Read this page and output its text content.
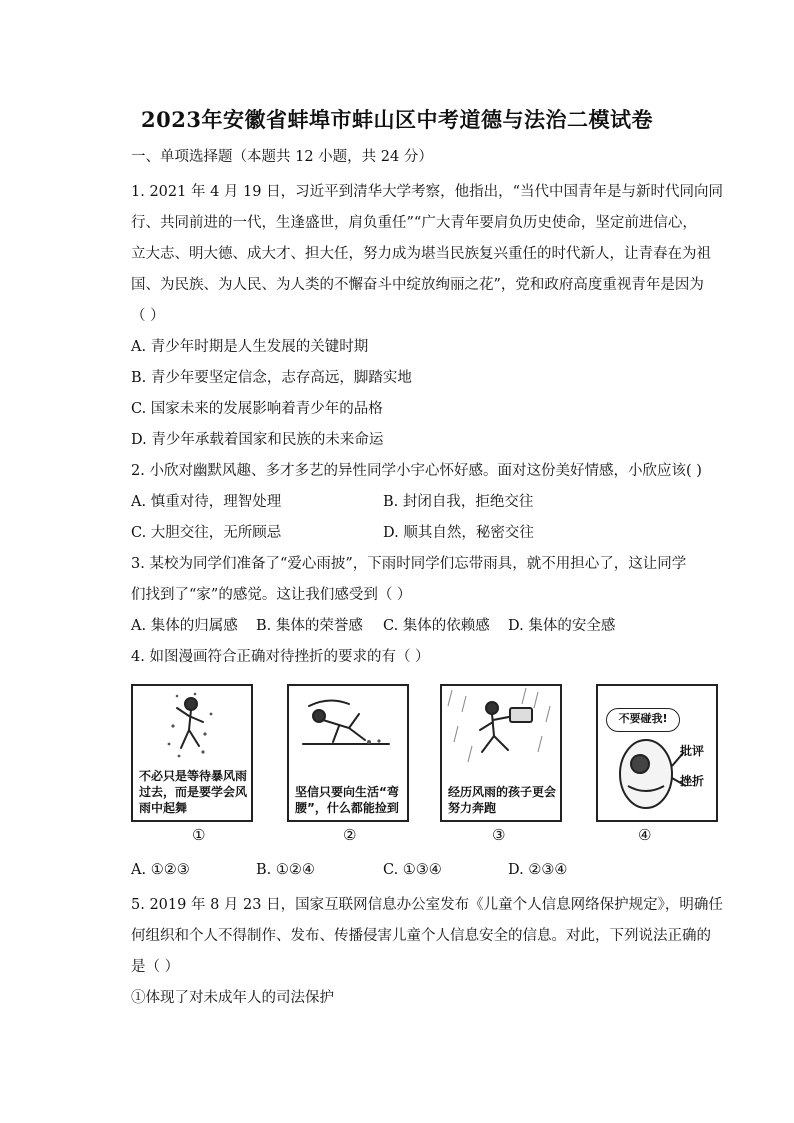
2023年安徽省蚌埠市蚌山区中考道德与法治二模试卷
一、单项选择题（本题共 12 小题，共 24 分）
1. 2021 年 4 月 19 日，习近平到清华大学考察，他指出，“当代中国青年是与新时代同向同
行、共同前进的一代，生逢盛世，肩负重任”“广大青年要肩负历史使命，坚定前进信心，
立大志、明大德、成大才、担大任，努力成为堪当民族复兴重任的时代新人，让青春在为祖
国、为民族、为人民、为人类的不懈奋斗中绽放绚丽之花”，党和政府高度重视青年是因为
（ ）
A. 青少年时期是人生发展的关键时期
B. 青少年要坚定信念，志存高远，脚踏实地
C. 国家未来的发展影响着青少年的品格
D. 青少年承载着国家和民族的未来命运
2. 小欣对幽默风趣、多才多艺的异性同学小宇心怀好感。面对这份美好情感，小欣应该( )
A. 慎重对待，理智处理	B. 封闭自我，拒绝交往
C. 大胆交往，无所顾忌	D. 顺其自然，秘密交往
3. 某校为同学们准备了“爱心雨披”，下雨时同学们忘带雨具，就不用担心了，这让同学
们找到了“家”的感觉。这让我们感受到（ ）
A. 集体的归属感 B. 集体的荣誉感 C. 集体的依赖感 D. 集体的安全感
4. 如图漫画符合正确对待挫折的要求的有（ ）
不必只是等待暴风雨过去，而是要学会风雨中起舞
①
坚信只要向生活“弯腰”，什么都能捡到
②
经历风雨的孩子更会努力奔跑
③
不要碰我!
批评
挫折
④
A. ①②③	B. ①②④	C. ①③④	D. ②③④
5. 2019 年 8 月 23 日，国家互联网信息办公室发布《儿童个人信息网络保护规定》，明确任
何组织和个人不得制作、发布、传播侵害儿童个人信息安全的信息。对此，下列说法正确的
是（ ）
①体现了对未成年人的司法保护
